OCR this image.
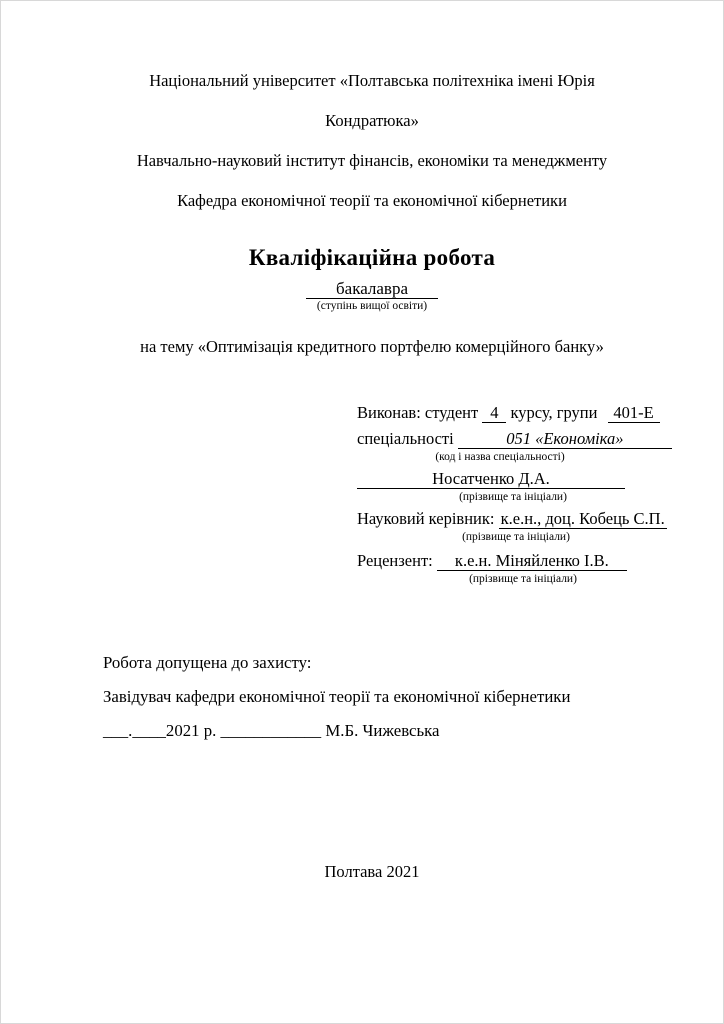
Національний університет «Полтавська політехніка імені Юрія Кондратюка»
Навчально-науковий інститут фінансів, економіки та менеджменту
Кафедра економічної теорії та економічної кібернетики
Кваліфікаційна робота
бакалавра
(ступінь вищої освіти)
на тему «Оптимізація кредитного портфелю комерційного банку»
Виконав: студент 4 курсу, групи 401-Е
спеціальності	051 «Економіка»
(код і назва спеціальності)
Носатченко Д.А.
(прізвище та ініціали)
Науковий керівник: к.е.н., доц. Кобець С.П.
(прізвище та ініціали)
Рецензент: к.е.н. Міняйленко І.В.
(прізвище та ініціали)
Робота допущена до захисту:
Завідувач кафедри економічної теорії та економічної кібернетики
___.____2021 р. ____________ М.Б. Чижевська
Полтава 2021
